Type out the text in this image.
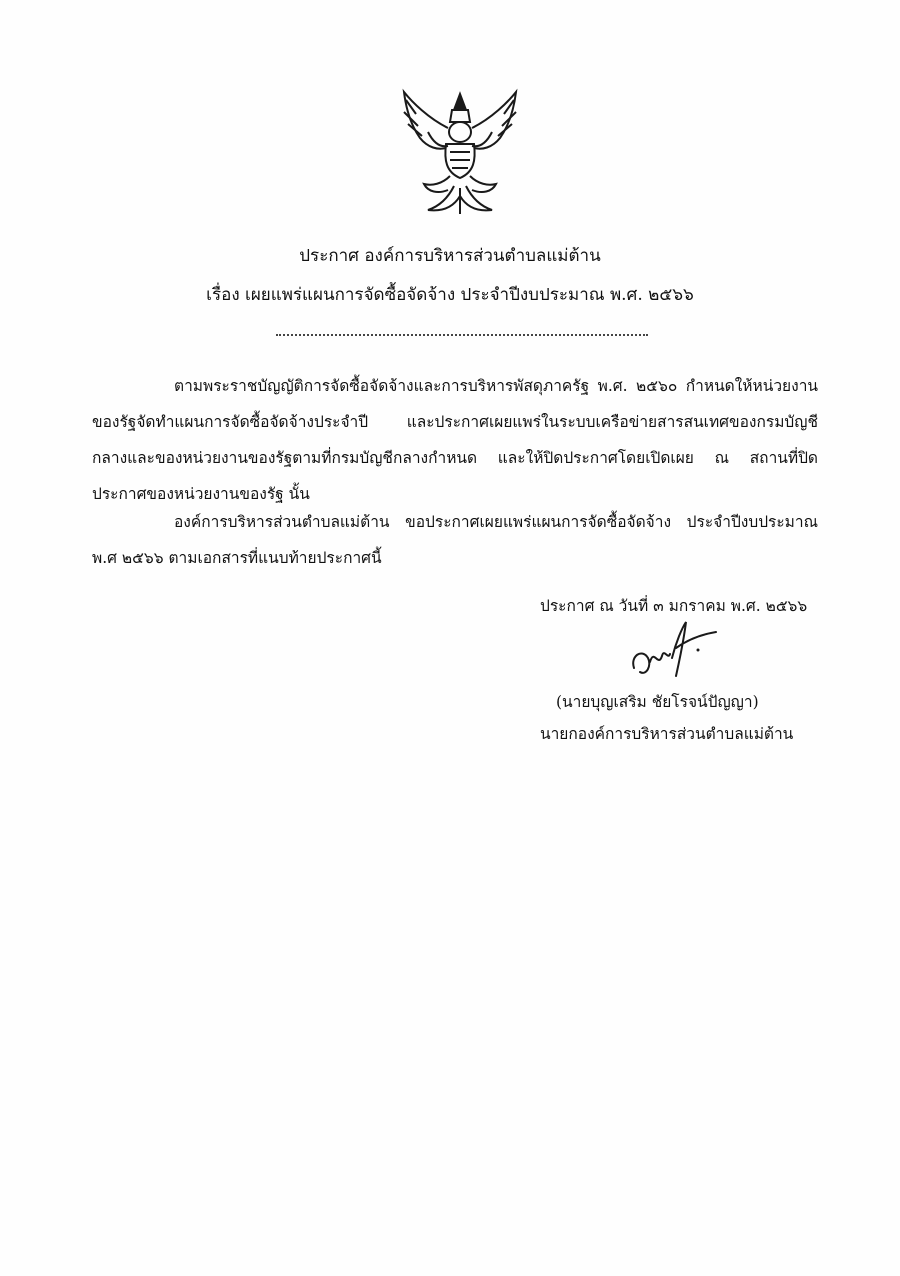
ประกาศ องค์การบริหารส่วนตำบลแม่ต้าน
เรื่อง เผยแพร่แผนการจัดซื้อจัดจ้าง ประจำปีงบประมาณ พ.ศ. ๒๕๖๖
ตามพระราชบัญญัติการจัดซื้อจัดจ้างและการบริหารพัสดุภาครัฐ พ.ศ. ๒๕๖๐ กำหนดให้หน่วยงานของรัฐจัดทำแผนการจัดซื้อจัดจ้างประจำปี และประกาศเผยแพร่ในระบบเครือข่ายสารสนเทศของกรมบัญชีกลางและของหน่วยงานของรัฐตามที่กรมบัญชีกลางกำหนด และให้ปิดประกาศโดยเปิดเผย ณ สถานที่ปิดประกาศของหน่วยงานของรัฐ นั้น
องค์การบริหารส่วนตำบลแม่ต้าน ขอประกาศเผยแพร่แผนการจัดซื้อจัดจ้าง ประจำปีงบประมาณ พ.ศ ๒๕๖๖ ตามเอกสารที่แนบท้ายประกาศนี้
ประกาศ ณ วันที่ ๓ มกราคม พ.ศ. ๒๕๖๖
(นายบุญเสริม ชัยโรจน์ปัญญา)
นายกองค์การบริหารส่วนตำบลแม่ต้าน
